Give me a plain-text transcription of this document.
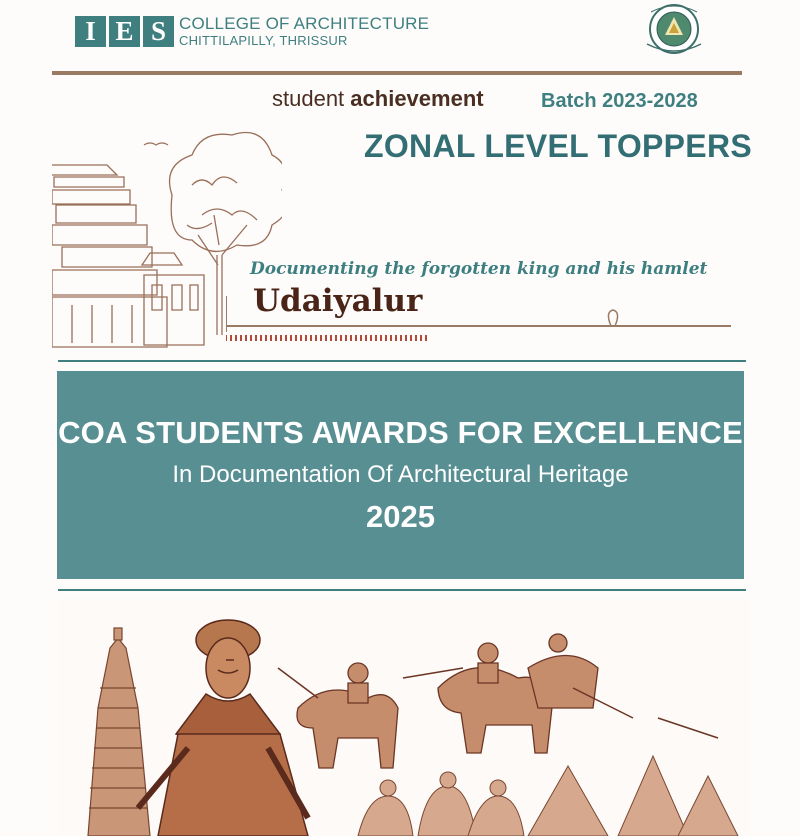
I E S COLLEGE OF ARCHITECTURE
CHITTILAPILLY, THRISSUR
student achievement	Batch 2023-2028
ZONAL LEVEL TOPPERS
Documenting the forgotten king and his hamlet
Udaiyalur
COA STUDENTS AWARDS FOR EXCELLENCE
In Documentation Of Architectural Heritage
2025
